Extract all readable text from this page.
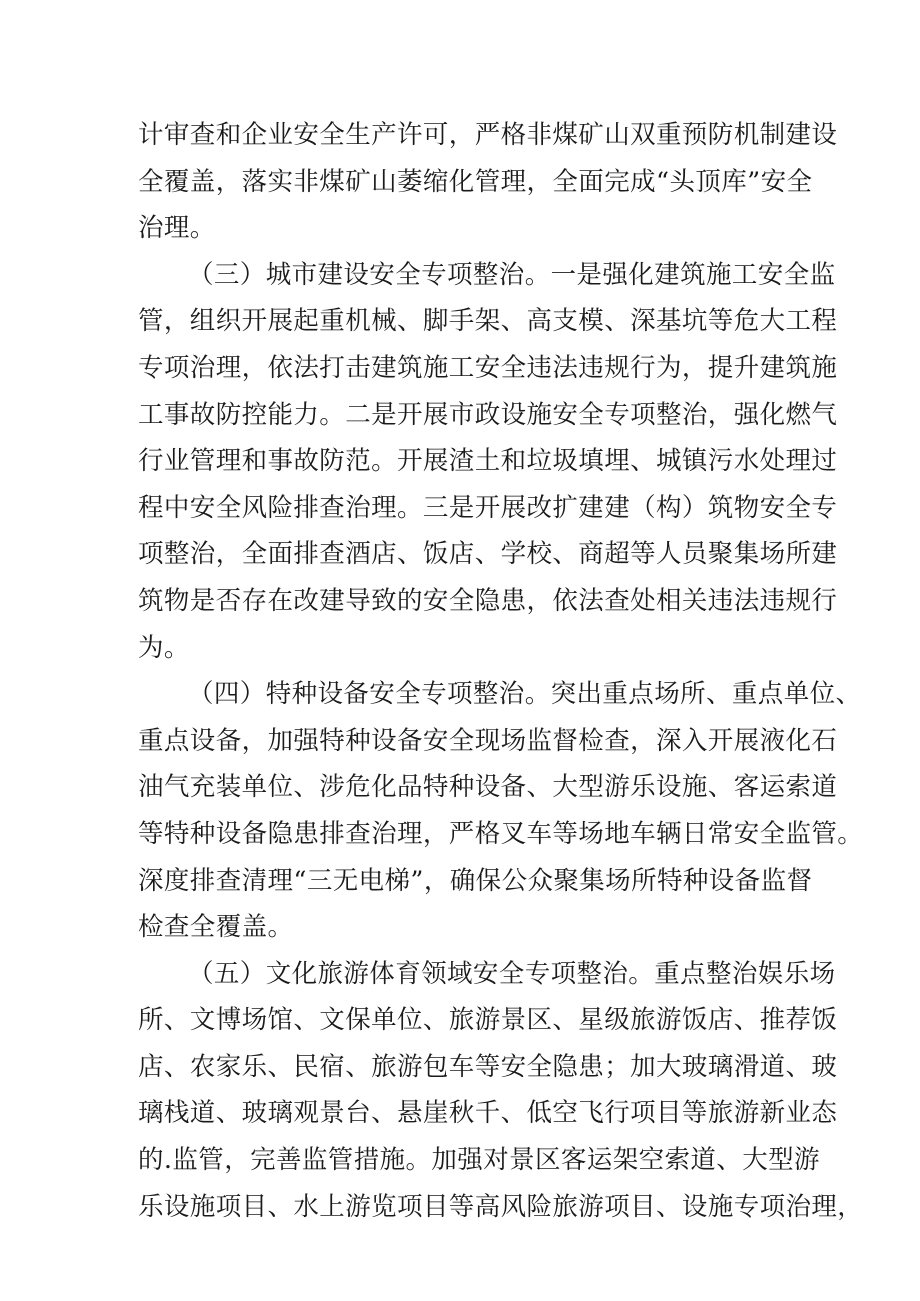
计审查和企业安全生产许可，严格非煤矿山双重预防机制建设
全覆盖，落实非煤矿山萎缩化管理，全面完成“头顶库”安全
治理。
（三）城市建设安全专项整治。一是强化建筑施工安全监
管，组织开展起重机械、脚手架、高支模、深基坑等危大工程
专项治理，依法打击建筑施工安全违法违规行为，提升建筑施
工事故防控能力。二是开展市政设施安全专项整治，强化燃气
行业管理和事故防范。开展渣土和垃圾填埋、城镇污水处理过
程中安全风险排查治理。三是开展改扩建建（构）筑物安全专
项整治，全面排查酒店、饭店、学校、商超等人员聚集场所建
筑物是否存在改建导致的安全隐患，依法查处相关违法违规行
为。
（四）特种设备安全专项整治。突出重点场所、重点单位、
重点设备，加强特种设备安全现场监督检查，深入开展液化石
油气充装单位、涉危化品特种设备、大型游乐设施、客运索道
等特种设备隐患排查治理，严格叉车等场地车辆日常安全监管。
深度排查清理“三无电梯”，确保公众聚集场所特种设备监督
检查全覆盖。
（五）文化旅游体育领域安全专项整治。重点整治娱乐场
所、文博场馆、文保单位、旅游景区、星级旅游饭店、推荐饭
店、农家乐、民宿、旅游包车等安全隐患；加大玻璃滑道、玻
璃栈道、玻璃观景台、悬崖秋千、低空飞行项目等旅游新业态
的.监管，完善监管措施。加强对景区客运架空索道、大型游
乐设施项目、水上游览项目等高风险旅游项目、设施专项治理，
